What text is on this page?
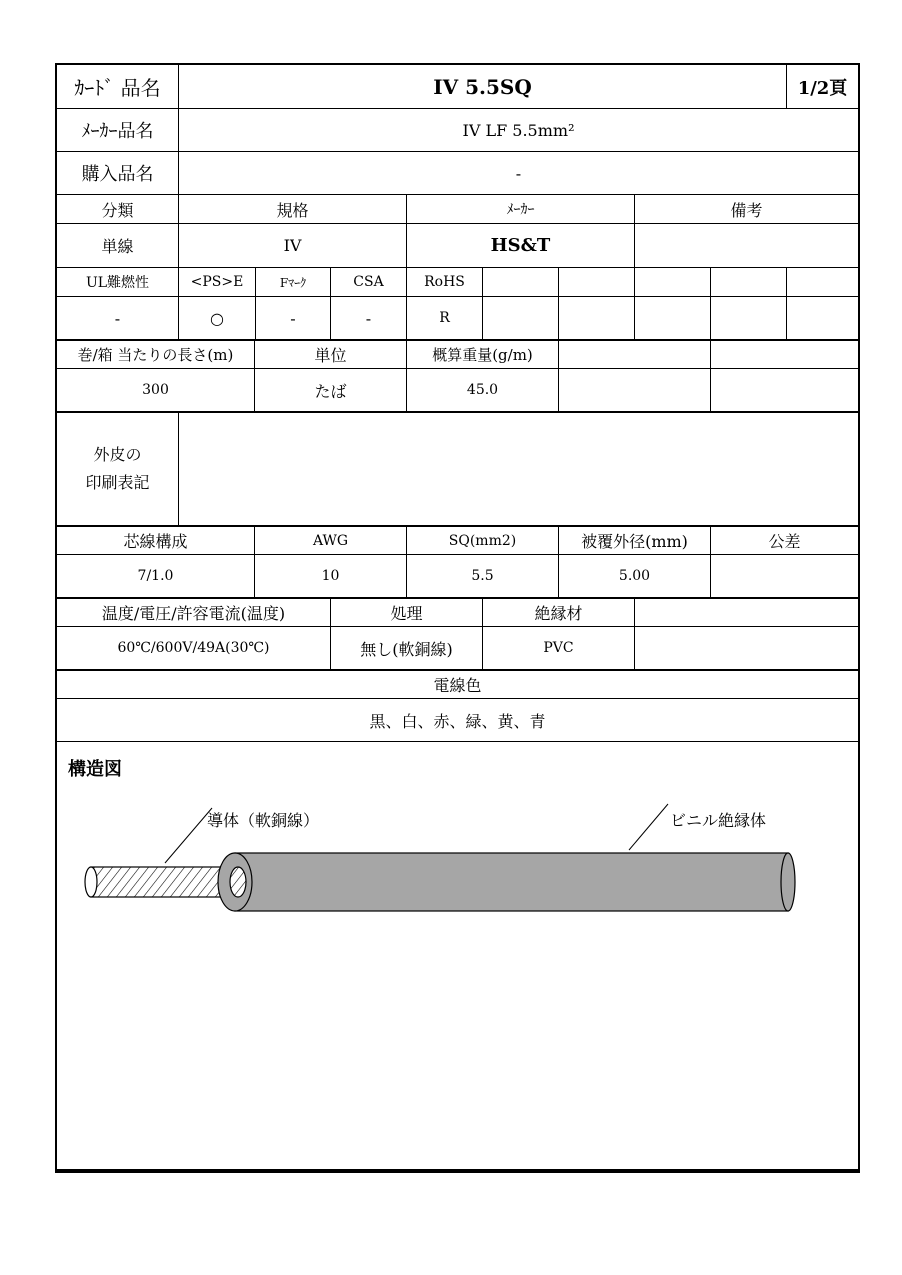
ｶｰﾄﾞ 品名	IV 5.5SQ	1/2頁
ﾒｰｶｰ品名	IV LF 5.5mm²
購入品名	-
分類	規格	ﾒｰｶｰ	備考
単線	IV	HS&T
UL難燃性	<PS>E	Fﾏｰｸ	CSA	RoHS
-	○	-	-	R
巻/箱 当たりの長さ(m)	単位	概算重量(g/m)
300	たば	45.0
外皮の
印刷表記
芯線構成	AWG	SQ(mm2)	被覆外径(mm)	公差
7/1.0	10	5.5	5.00
温度/電圧/許容電流(温度)	処理	絶縁材
60℃/600V/49A(30℃)	無し(軟銅線)	PVC
電線色
黒、白、赤、緑、黄、青
構造図
導体（軟銅線）	ビニル絶縁体
